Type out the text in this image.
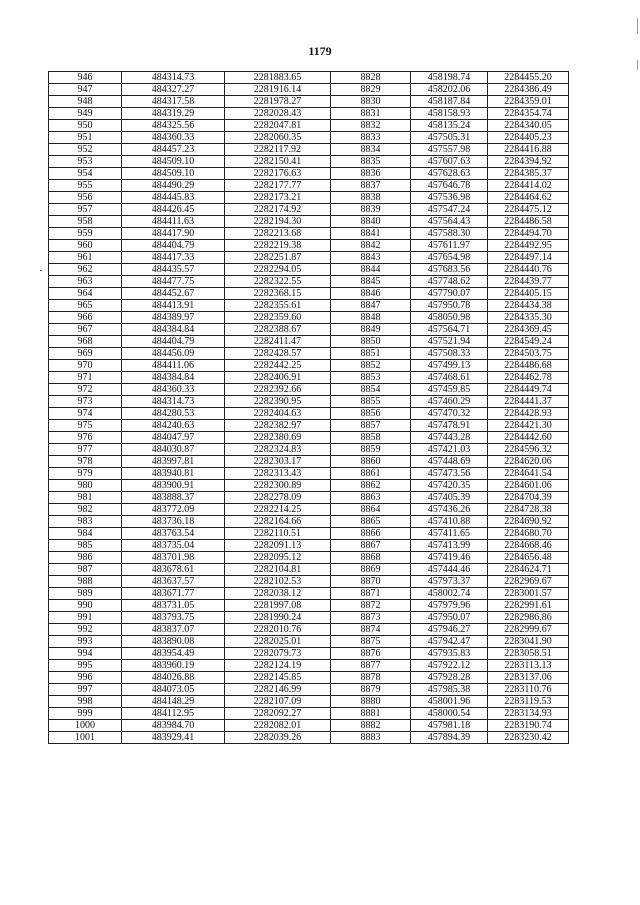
1179
946	484314.73	2281883.65	8828	458198.74	2284455.20
947	484327.27	2281916.14	8829	458202.06	2284386.49
948	484317.58	2281978.27	8830	458187.84	2284359.01
949	484319.29	2282028.43	8831	458158.93	2284354.74
950	484325.56	2282047.81	8832	458135.24	2284340.05
951	484360.33	2282060.35	8833	457505.31	2284405.23
952	484457.23	2282117.92	8834	457557.98	2284416.88
953	484509.10	2282150.41	8835	457607.63	2284394.92
954	484509.10	2282176.63	8836	457628.63	2284385.37
955	484490.29	2282177.77	8837	457646.78	2284414.02
956	484445.83	2282173.21	8838	457536.98	2284464.62
957	484426.45	2282174.92	8839	457547.24	2284475.12
958	484411.63	2282194.30	8840	457564.43	2284486.58
959	484417.90	2282213.68	8841	457588.30	2284494.70
960	484404.79	2282219.38	8842	457611.97	2284492.95
961	484417.33	2282251.87	8843	457654.98	2284497.14
962	484435.57	2282294.05	8844	457683.56	2284440.76
963	484477.75	2282322.55	8845	457748.62	2284439.77
964	484452.67	2282368.15	8846	457790.07	2284405.15
965	484413.91	2282355.61	8847	457950.78	2284434.38
966	484389.97	2282359.60	8848	458050.98	2284335.30
967	484384.84	2282388.67	8849	457564.71	2284369.45
968	484404.79	2282411.47	8850	457521.94	2284549.24
969	484456.09	2282428.57	8851	457508.33	2284503.75
970	484411.06	2282442.25	8852	457499.13	2284486.68
971	484384.84	2282406.91	8853	457468.61	2284462.78
972	484360.33	2282392.66	8854	457459.85	2284449.74
973	484314.73	2282390.95	8855	457460.29	2284441.37
974	484280.53	2282404.63	8856	457470.32	2284428.93
975	484240.63	2282382.97	8857	457478.91	2284421.30
976	484047.97	2282380.69	8858	457443.28	2284442.60
977	484030.87	2282324.83	8859	457421.03	2284596.32
978	483997.81	2282303.17	8860	457448.69	2284620.06
979	483940.81	2282313.43	8861	457473.56	2284641.54
980	483900.91	2282300.89	8862	457420.35	2284601.06
981	483888.37	2282278.09	8863	457405.39	2284704.39
982	483772.09	2282214.25	8864	457436.26	2284728.38
983	483736.18	2282164.66	8865	457410.88	2284690.92
984	483763.54	2282110.51	8866	457411.65	2284680.70
985	483735.04	2282091.13	8867	457413.99	2284668.46
986	483701.98	2282095.12	8868	457419.46	2284656.48
987	483678.61	2282104.81	8869	457444.46	2284624.71
988	483637.57	2282102.53	8870	457973.37	2282969.67
989	483671.77	2282038.12	8871	458002.74	2283001.57
990	483731.05	2281997.08	8872	457979.96	2282991.61
991	483793.75	2281990.24	8873	457950.07	2282986.86
992	483837.07	2282010.76	8874	457946.27	2282999.67
993	483890.08	2282025.01	8875	457942.47	2283041.90
994	483954.49	2282079.73	8876	457935.83	2283058.51
995	483960.19	2282124.19	8877	457922.12	2283113.13
996	484026.88	2282145.85	8878	457928.28	2283137.06
997	484073.05	2282146.99	8879	457985.38	2283110.76
998	484148.29	2282107.09	8880	458001.96	2283119.53
999	484112.95	2282092.27	8881	458000.54	2283134.93
1000	483984.70	2282082.01	8882	457981.18	2283190.74
1001	483929.41	2282039.26	8883	457894.39	2283230.42
